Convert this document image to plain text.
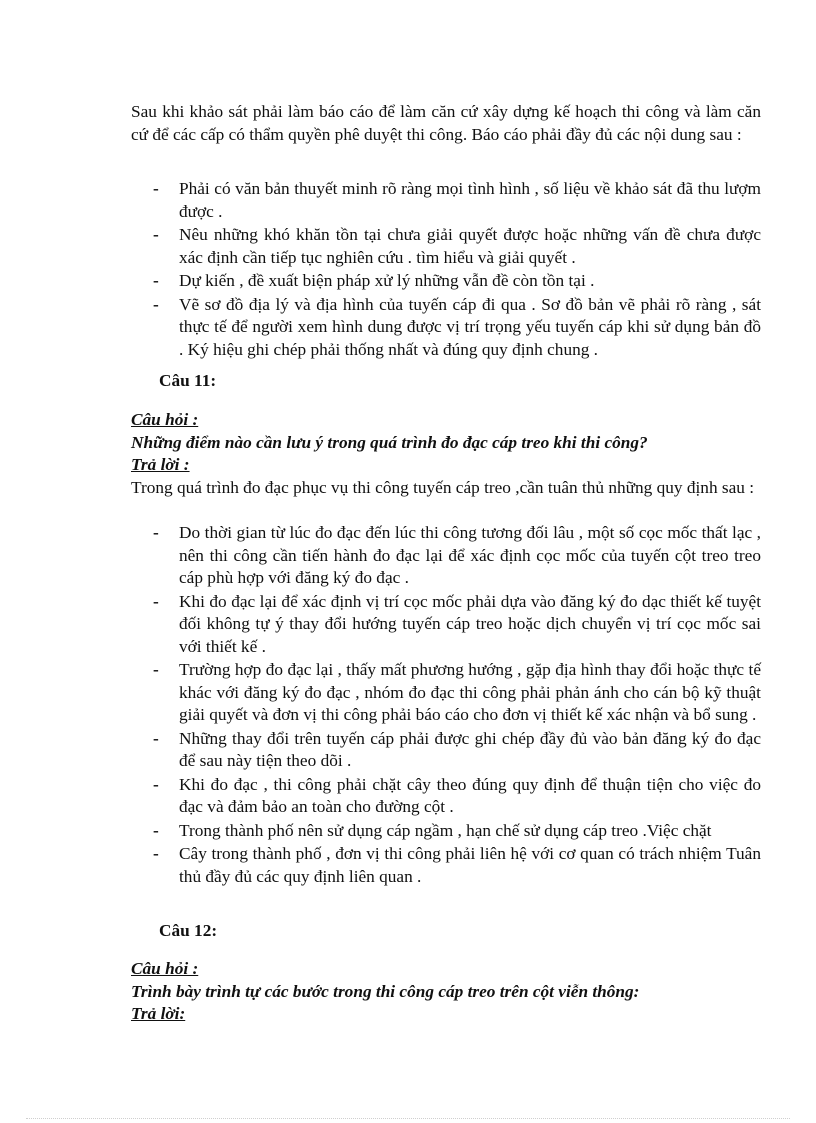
Sau khi khảo sát phải làm báo cáo để làm căn cứ xây dựng kế hoạch thi công và làm căn cứ để các cấp có thẩm quyền phê duyệt thi công. Báo cáo phải đầy đủ các nội dung sau :

- Phải có văn bản thuyết minh rõ ràng mọi tình hình , số liệu về khảo sát đã thu lượm được .
- Nêu những khó khăn tồn tại chưa giải quyết được hoặc những vấn đề chưa được xác định cần tiếp tục nghiên cứu . tìm hiểu và giải quyết .
- Dự kiến , đề xuất biện pháp xử lý những vẫn đề còn tồn tại .
- Vẽ sơ đồ địa lý và địa hình của tuyến cáp đi qua . Sơ đồ bản vẽ phải rõ ràng , sát thực tế để người xem hình dung được vị trí trọng yếu tuyến cáp khi sử dụng bản đồ . Ký hiệu ghi chép phải thống nhất và đúng quy định chung .

Câu 11:

Câu hỏi :
Những điểm nào cần lưu ý trong quá trình đo đạc cáp treo khi thi công?
Trả lời :

Trong quá trình đo đạc phục vụ thi công tuyến cáp treo ,cần tuân thủ những quy định sau :

- Do thời gian từ lúc đo đạc đến lúc thi công tương đối lâu , một số cọc mốc thất lạc , nên thi công cần tiến hành đo đạc lại để xác định cọc mốc của tuyến cột treo treo cáp phù hợp với đăng ký đo đạc .
- Khi đo đạc lại để xác định vị trí cọc mốc phải dựa vào đăng ký đo dạc thiết kế tuyệt đối không tự ý thay đổi hướng tuyến cáp treo hoặc dịch chuyển vị trí cọc mốc sai với thiết kế .
- Trường hợp đo đạc lại , thấy mất phương hướng , gặp địa hình thay đổi hoặc thực tế khác với đăng ký đo đạc , nhóm đo đạc thi công phải phản ánh cho cán bộ kỹ thuật giải quyết và đơn vị thi công phải báo cáo cho đơn vị thiết kế xác nhận và bổ sung .
- Những thay đổi trên tuyến cáp phải được ghi chép đầy đủ vào bản đăng ký đo đạc để sau này tiện theo dõi .
- Khi đo đạc , thi công phải chặt cây theo đúng quy định để thuận tiện cho việc đo đạc và đảm bảo an toàn cho đường cột .
- Trong thành phố nên sử dụng cáp ngầm , hạn chế sử dụng cáp treo .Việc chặt
- Cây trong thành phố , đơn vị thi công phải liên hệ với cơ quan có trách nhiệm Tuân thủ đầy đủ các quy định liên quan .

Câu 12:

Câu hỏi :
Trình bày trình tự các bước trong thi công cáp treo trên cột viễn thông:
Trả lời:
